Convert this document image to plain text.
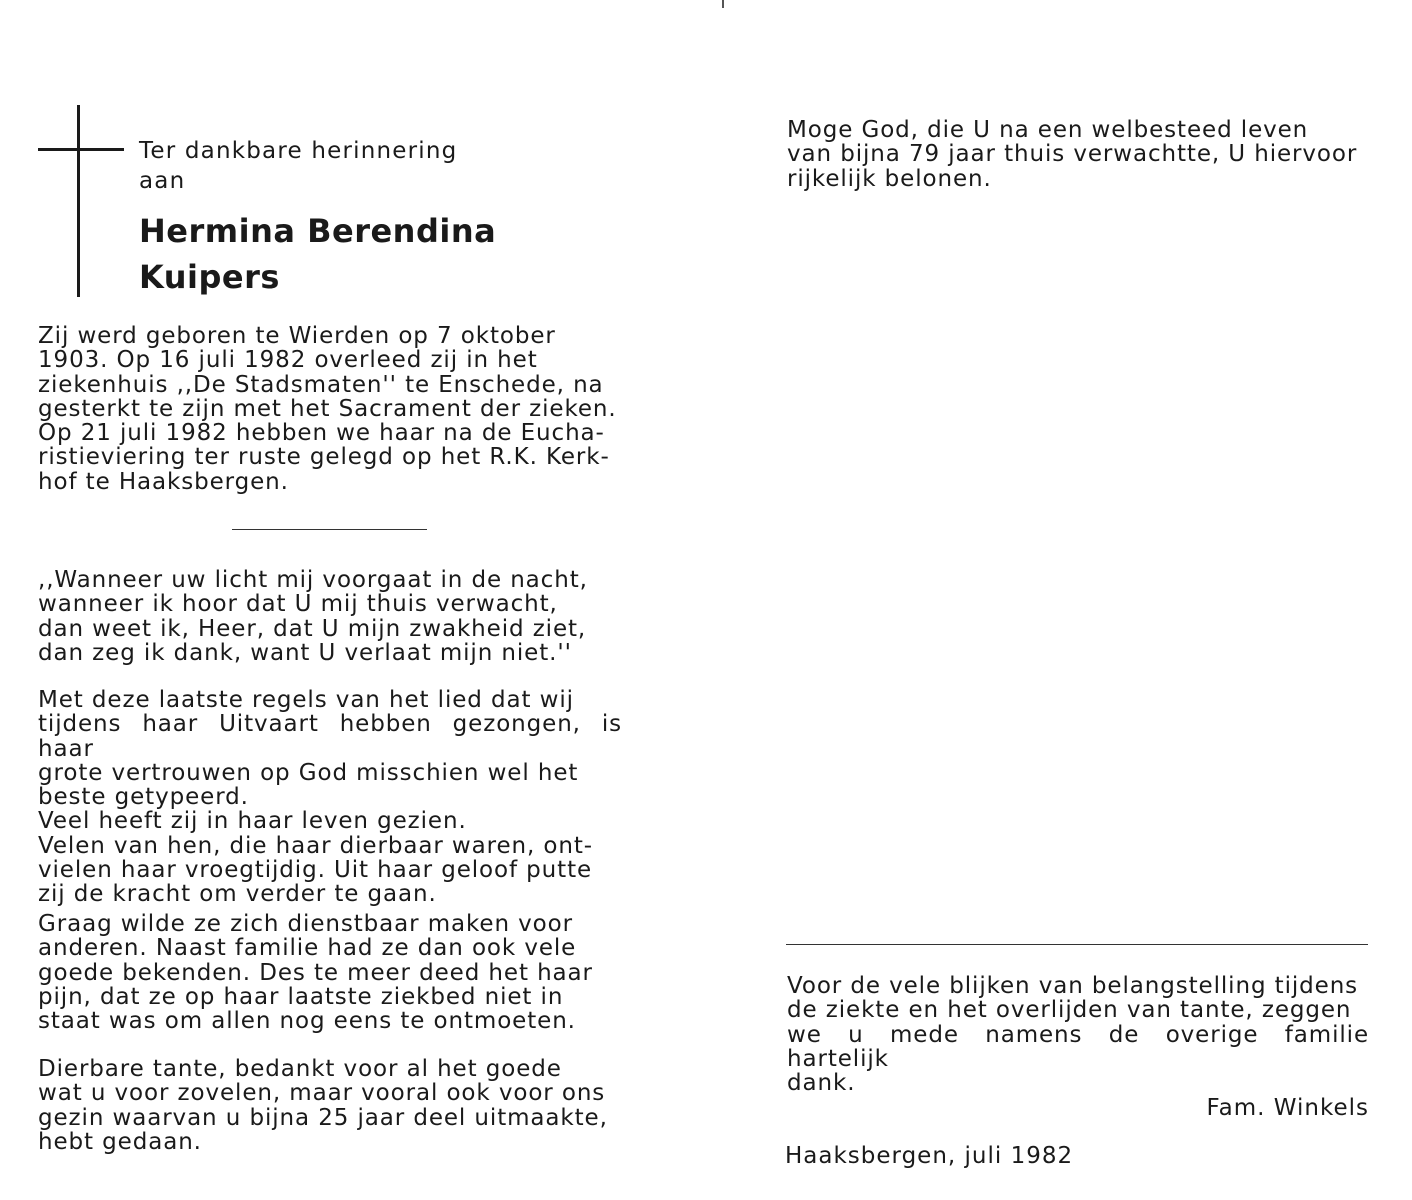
Ter dankbare herinnering
aan

Hermina Berendina
Kuipers

Zij werd geboren te Wierden op 7 oktober
1903. Op 16 juli 1982 overleed zij in het
ziekenhuis ,,De Stadsmaten'' te Enschede, na
gesterkt te zijn met het Sacrament der zieken.
Op 21 juli 1982 hebben we haar na de Eucha-
ristieviering ter ruste gelegd op het R.K. Kerk-
hof te Haaksbergen.

,,Wanneer uw licht mij voorgaat in de nacht,
wanneer ik hoor dat U mij thuis verwacht,
dan weet ik, Heer, dat U mijn zwakheid ziet,
dan zeg ik dank, want U verlaat mijn niet.''

Met deze laatste regels van het lied dat wij
tijdens haar Uitvaart hebben gezongen, is haar
grote vertrouwen op God misschien wel het
beste getypeerd.
Veel heeft zij in haar leven gezien.
Velen van hen, die haar dierbaar waren, ont-
vielen haar vroegtijdig. Uit haar geloof putte
zij de kracht om verder te gaan.

Graag wilde ze zich dienstbaar maken voor
anderen. Naast familie had ze dan ook vele
goede bekenden. Des te meer deed het haar
pijn, dat ze op haar laatste ziekbed niet in
staat was om allen nog eens te ontmoeten.

Dierbare tante, bedankt voor al het goede
wat u voor zovelen, maar vooral ook voor ons
gezin waarvan u bijna 25 jaar deel uitmaakte,
hebt gedaan.

Moge God, die U na een welbesteed leven
van bijna 79 jaar thuis verwachtte, U hiervoor
rijkelijk belonen.

Voor de vele blijken van belangstelling tijdens
de ziekte en het overlijden van tante, zeggen
we u mede namens de overige familie hartelijk
dank.

Fam. Winkels

Haaksbergen, juli 1982
